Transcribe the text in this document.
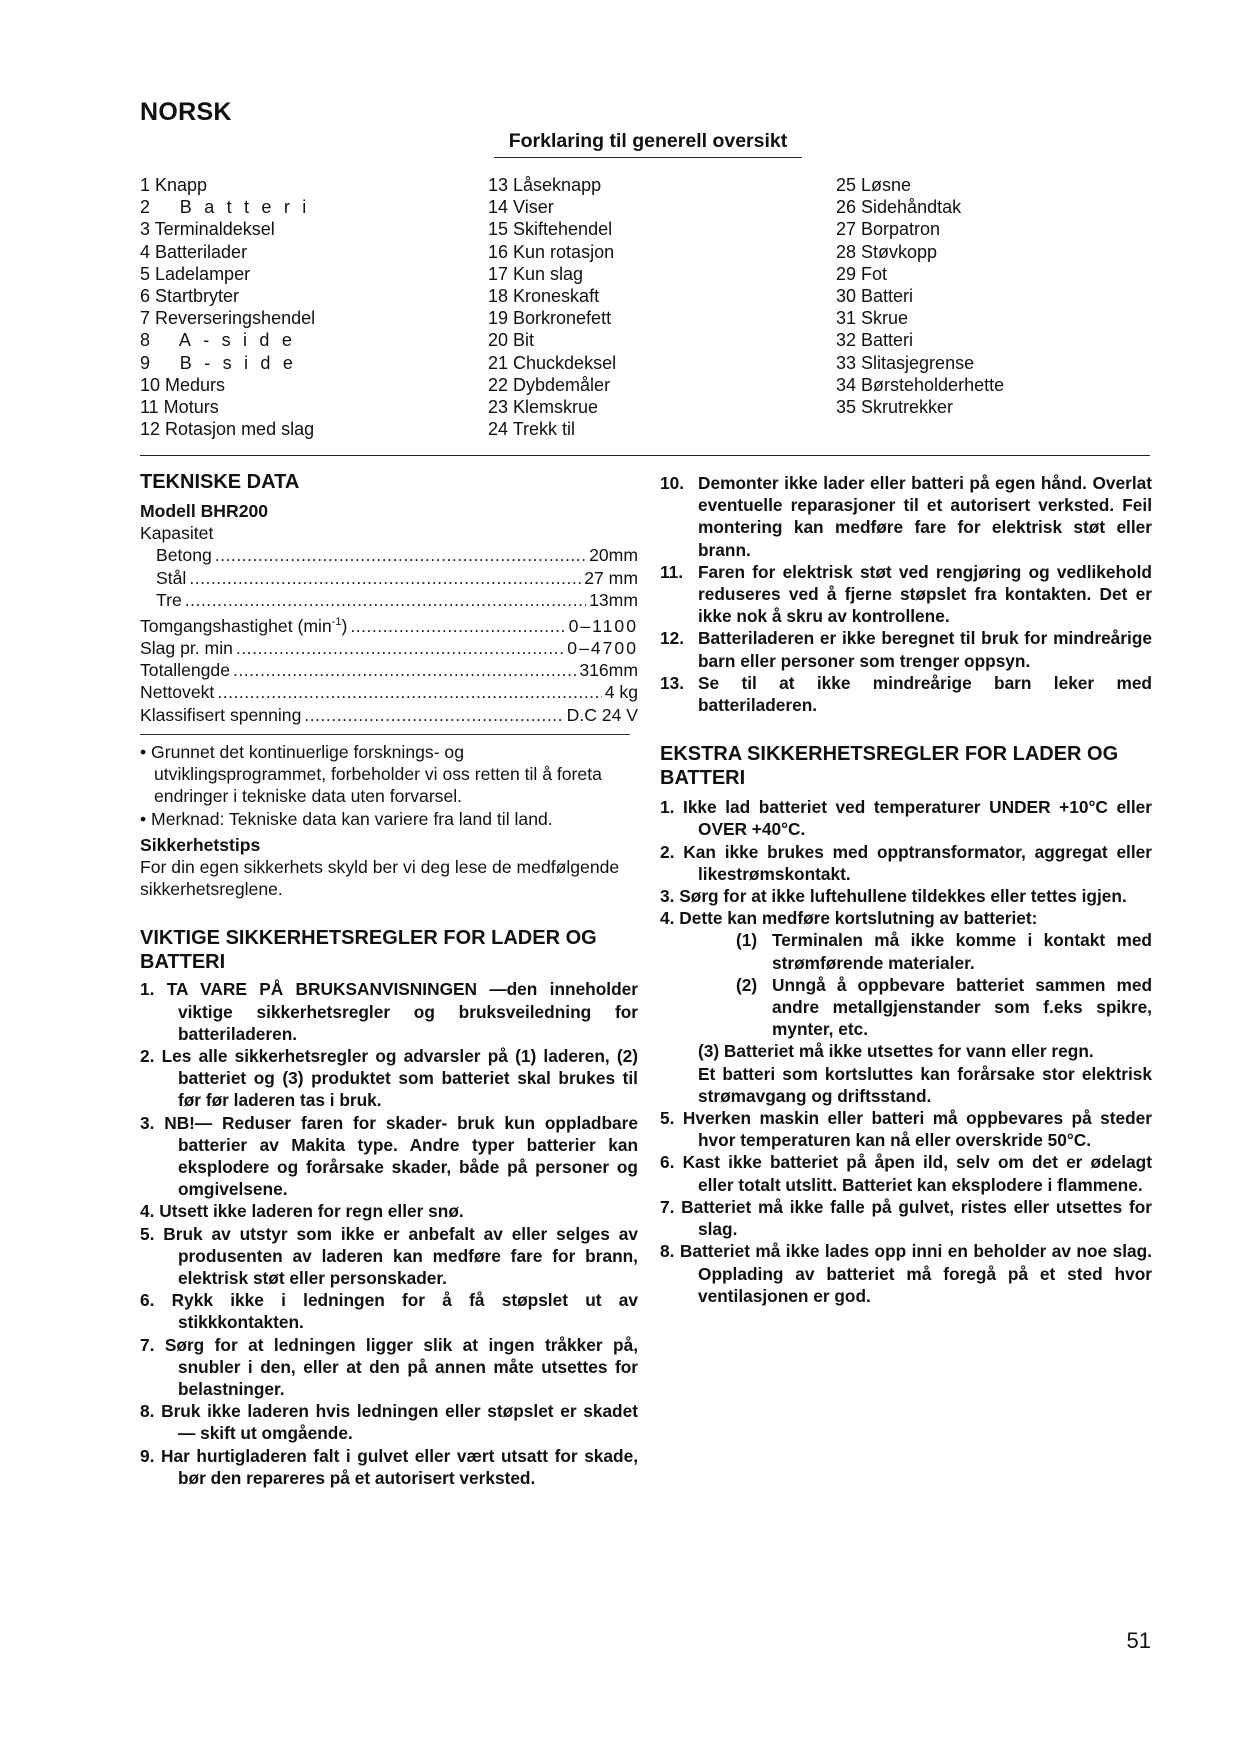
NORSK
Forklaring til generell oversikt
1 Knapp
2 Batteri
3 Terminaldeksel
4 Batterilader
5 Ladelamper
6 Startbryter
7 Reverseringshendel
8 A-side
9 B-side
10 Medurs
11 Moturs
12 Rotasjon med slag
13 Låseknapp
14 Viser
15 Skiftehendel
16 Kun rotasjon
17 Kun slag
18 Kroneskaft
19 Borkronefett
20 Bit
21 Chuckdeksel
22 Dybdemåler
23 Klemskrue
24 Trekk til
25 Løsne
26 Sidehåndtak
27 Borpatron
28 Støvkopp
29 Fot
30 Batteri
31 Skrue
32 Batteri
33 Slitasjegrense
34 Børsteholderhette
35 Skrutrekker
TEKNISKE DATA
Modell BHR200
Kapasitet
Betong .....	20mm
Stål .....	27 mm
Tre .....	13mm
Tomgangshastighet $(\min^{-1})$ .....	0–1100
Slag pr. min .....	0–4700
Totallengde .....	316mm
Nettovekt .....	4 kg
Klassifisert spenning .....	D.C 24 V
• Grunnet det kontinuerlige forsknings- og utviklingsprogrammet, forbeholder vi oss retten til å foreta endringer i tekniske data uten forvarsel.
• Merknad: Tekniske data kan variere fra land til land.
Sikkerhetstips
For din egen sikkerhets skyld ber vi deg lese de medfølgende sikkerhetsreglene.
VIKTIGE SIKKERHETSREGLER FOR LADER OG BATTERI
1. TA VARE PÅ BRUKSANVISNINGEN —den inneholder viktige sikkerhetsregler og bruksveiledning for batteriladeren.
2. Les alle sikkerhetsregler og advarsler på (1) laderen, (2) batteriet og (3) produktet som batteriet skal brukes til før før laderen tas i bruk.
3. NB!— Reduser faren for skader- bruk kun oppladbare batterier av Makita type. Andre typer batterier kan eksplodere og forårsake skader, både på personer og omgivelsene.
4. Utsett ikke laderen for regn eller snø.
5. Bruk av utstyr som ikke er anbefalt av eller selges av produsenten av laderen kan medføre fare for brann, elektrisk støt eller personskader.
6. Rykk ikke i ledningen for å få støpslet ut av stikkkontakten.
7. Sørg for at ledningen ligger slik at ingen tråkker på, snubler i den, eller at den på annen måte utsettes for belastninger.
8. Bruk ikke laderen hvis ledningen eller støpslet er skadet — skift ut omgående.
9. Har hurtigladeren falt i gulvet eller vært utsatt for skade, bør den repareres på et autorisert verksted.
10. Demonter ikke lader eller batteri på egen hånd. Overlat eventuelle reparasjoner til et autorisert verksted. Feil montering kan medføre fare for elektrisk støt eller brann.
11. Faren for elektrisk støt ved rengjøring og vedlikehold reduseres ved å fjerne støpslet fra kontakten. Det er ikke nok å skru av kontrollene.
12. Batteriladeren er ikke beregnet til bruk for mindreårige barn eller personer som trenger oppsyn.
13. Se til at ikke mindreårige barn leker med batteriladeren.
EKSTRA SIKKERHETSREGLER FOR LADER OG BATTERI
1. Ikke lad batteriet ved temperaturer UNDER +10°C eller OVER +40°C.
2. Kan ikke brukes med opptransformator, aggregat eller likestrømskontakt.
3. Sørg for at ikke luftehullene tildekkes eller tettes igjen.
4. Dette kan medføre kortslutning av batteriet:
(1) Terminalen må ikke komme i kontakt med strømførende materialer.
(2) Unngå å oppbevare batteriet sammen med andre metallgjenstander som f.eks spikre, mynter, etc.
(3) Batteriet må ikke utsettes for vann eller regn.
Et batteri som kortsluttes kan forårsake stor elektrisk strømavgang og driftsstand.
5. Hverken maskin eller batteri må oppbevares på steder hvor temperaturen kan nå eller overskride 50°C.
6. Kast ikke batteriet på åpen ild, selv om det er ødelagt eller totalt utslitt. Batteriet kan eksplodere i flammene.
7. Batteriet må ikke falle på gulvet, ristes eller utsettes for slag.
8. Batteriet må ikke lades opp inni en beholder av noe slag. Opplading av batteriet må foregå på et sted hvor ventilasjonen er god.
51
